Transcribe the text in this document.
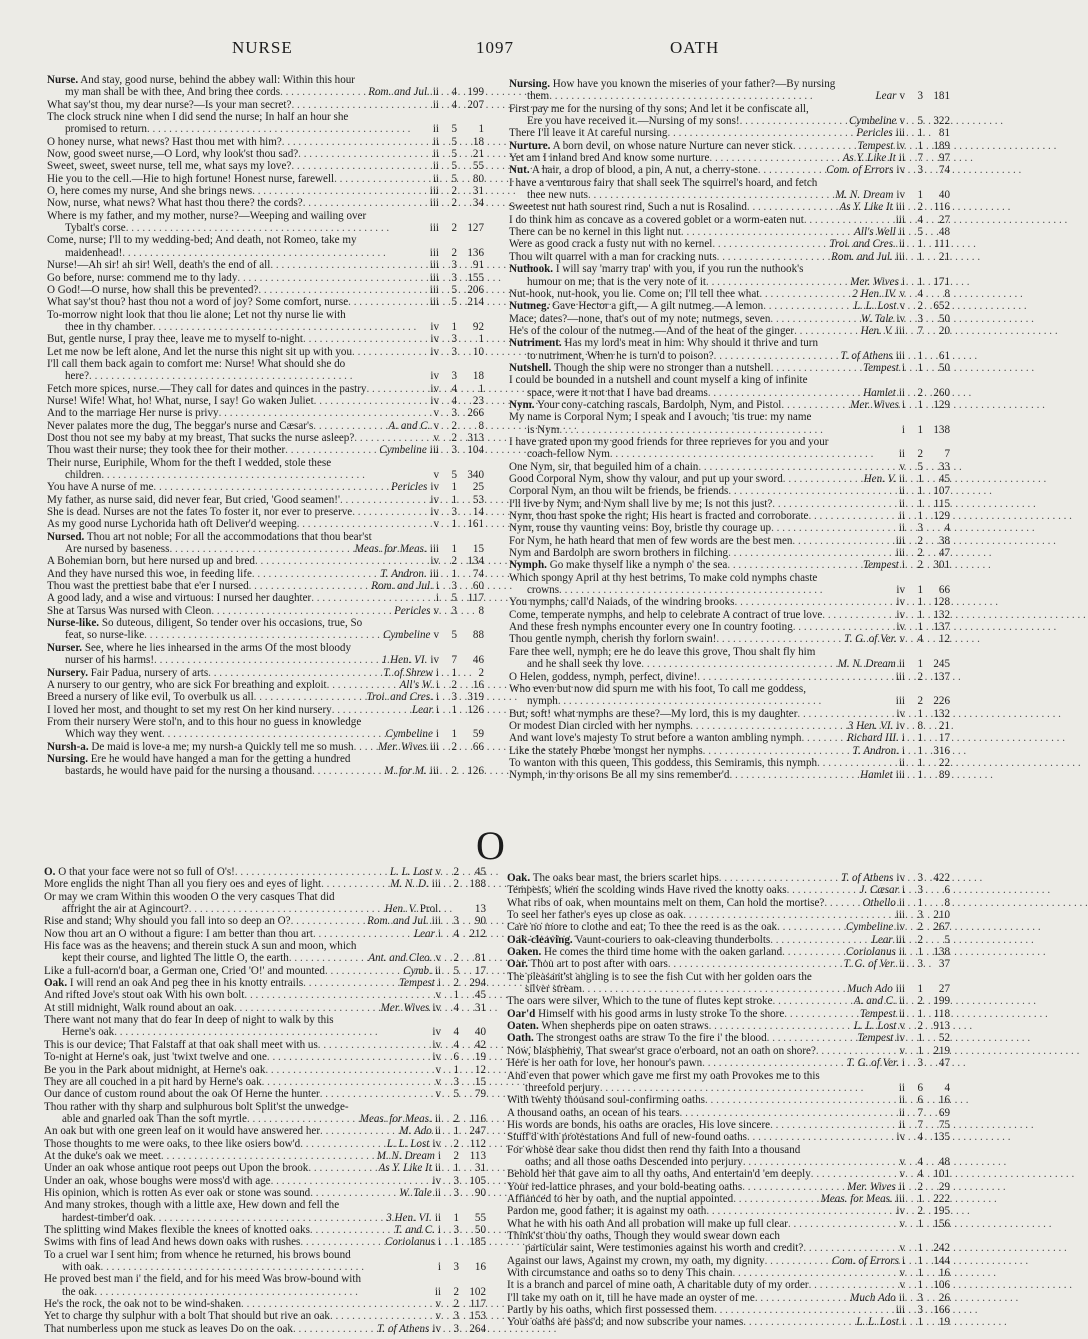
NURSE	1097	OATH
Nurse. And stay, good nurse, behind the abbey wall: Within this hour
my man shall be with thee, And bring thee cords . .	Rom. and Jul. ii	4 199
What say'st thou, my dear nurse?—Is your man secret? . .	ii	4 207
The clock struck nine when I did send the nurse; In half an hour she
promised to return . .	ii	5	1
O honey nurse, what news? Hast thou met with him? . .	ii	5	18
Now, good sweet nurse,—O Lord, why look'st thou sad? . .	ii	5	21
Sweet, sweet, sweet nurse, tell me, what says my love? . .	ii	5	55
Hie you to the cell.—Hie to high fortune! Honest nurse, farewell . .	ii	5	80
O, here comes my nurse, And she brings news . .	iii	2	31
Now, nurse, what news? What hast thou there? the cords? . .	iii	2	34
Where is my father, and my mother, nurse?—Weeping and wailing over
Tybalt's corse . .	iii	2 127
Come, nurse; I'll to my wedding-bed; And death, not Romeo, take my
maidenhead! . .	iii	2 136
Nurse!—Ah sir! ah sir! Well, death's the end of all . .	iii	3	91
Go before, nurse: commend me to thy lady . .	iii	3 155
O God!—O nurse, how shall this be prevented? . .	iii	5 206
What say'st thou? hast thou not a word of joy? Some comfort, nurse . .	iii	5 214
To-morrow night look that thou lie alone; Let not thy nurse lie with
thee in thy chamber . .	iv	1	92
But, gentle nurse, I pray thee, leave me to myself to-night . .	iv	3	1
Let me now be left alone, And let the nurse this night sit up with you . .	iv	3	10
I'll call them back again to comfort me: Nurse! What should she do
here? . .	iv	3	18
Fetch more spices, nurse.—They call for dates and quinces in the pastry . .	iv	4	1
Nurse! Wife! What, ho! What, nurse, I say! Go waken Juliet . .	iv	4	23
And to the marriage Her nurse is privy . .	v	3 266
Never palates more the dug, The beggar's nurse and Cæsar's . .	A. and C. v	2	8
Dost thou not see my baby at my breast, That sucks the nurse asleep? . .	v	2 313
Thou wast their nurse; they took thee for their mother . .	Cymbeline iii	3 104
Their nurse, Euriphile, Whom for the theft I wedded, stole these
children . .	v	5 340
You have A nurse of me . .	Pericles iv	1	25
My father, as nurse said, did never fear, But cried, 'Good seamen!' . .	iv	1	53
She is dead. Nurses are not the fates To foster it, nor ever to preserve . .	iv	3	14
As my good nurse Lychorida hath oft Deliver'd weeping . .	v	1 161
Nursed. Thou art not noble; For all the accommodations that thou bear'st
Are nursed by baseness . .	Meas. for Meas. iii	1	15
A Bohemian born, but here nursed up and bred . .	iv	2 134
And they have nursed this woe, in feeding life . .	T. Andron. iii	1	74
Thou wast the prettiest babe that e'er I nursed . .	Rom. and Jul. i	3	60
A good lady, and a wise and virtuous: I nursed her daughter . .	i	5 117
She at Tarsus Was nursed with Cleon . .	Pericles v	3	8
Nurse-like. So duteous, diligent, So tender over his occasions, true, So
feat, so nurse-like . .	Cymbeline v	5	88
Nurser. See, where he lies inhearsed in the arms Of the most bloody
nurser of his harms! . .	1 Hen. VI. iv	7	46
Nursery. Fair Padua, nursery of arts . .	T. of Shrew i	1	2
A nursery to our gentry, who are sick For breathing and exploit . .	All's W. i	2	16
Breed a nursery of like evil, To overbulk us all . .	Troi. and Cres. i	3 319
I loved her most, and thought to set my rest On her kind nursery . .	Lear i	1 126
From their nursery Were stol'n, and to this hour no guess in knowledge
Which way they went . .	Cymbeline i	1	59
Nursh-a. De maid is love-a me; my nursh-a Quickly tell me so mush . . Mer. Wives iii	2	66
Nursing. Ere he would have hanged a man for the getting a hundred
bastards, he would have paid for the nursing a thousand . .	M. for M. iii	2 126
Nursing. How have you known the miseries of your father?—By nursing
them . .	Lear v	3 181
First pay me for the nursing of thy sons; And let it be confiscate all,
Ere you have received it.—Nursing of my sons! . .	Cymbeline v	5 322
There I'll leave it At careful nursing . .	Pericles iii	1	81
Nurture. A born devil, on whose nature Nurture can never stick . .	Tempest iv	1 189
Yet am I inland bred And know some nurture . .	As Y. Like It ii	7	97
Nut. A hair, a drop of blood, a pin, A nut, a cherry-stone . .	Com. of Errors iv	3	74
I have a venturous fairy that shall seek The squirrel's hoard, and fetch
thee new nuts . .	M. N. Dream iv	1	40
Sweetest nut hath sourest rind, Such a nut is Rosalind . .	As Y. Like It iii	2 116
I do think him as concave as a covered goblet or a worm-eaten nut . .	iii	4	27
There can be no kernel in this light nut . .	All's Well ii	5	48
Were as good crack a fusty nut with no kernel . .	Troi. and Cres. ii	1	111
Thou wilt quarrel with a man for cracking nuts . .	Rom. and Jul. iii	1	21
Nuthook. I will say 'marry trap' with you, if you run the nuthook's
humour on me; that is the very note of it . .	Mer. Wives i	1 171
Nut-hook, nut-hook, you lie. Come on; I'll tell thee what . .	2 Hen. IV. v	4	8
Nutmeg. Gave Hector a gift,— A gilt nutmeg.—A lemon . .	L. L. Lost v	2 652
Mace; dates?—none, that's out of my note; nutmegs, seven . .	W. Tale iv	3	50
He's of the colour of the nutmeg.—And of the heat of the ginger . .	Hen. V. iii	7	20
Nutriment. Has my lord's meat in him: Why should it thrive and turn
to nutriment, When he is turn'd to poison? . .	T. of Athens iii	1	61
Nutshell. Though the ship were no stronger than a nutshell . .	Tempest i	1	50
I could be bounded in a nutshell and count myself a king of infinite
space, were it not that I have bad dreams . .	Hamlet ii	2 260
Nym. Your cony-catching rascals, Bardolph, Nym, and Pistol . .	Mer. Wives i	1 129
My name is Corporal Nym; I speak and I avouch; 'tis true: my name
is Nym . .	i	1 138
I have grated upon my good friends for three reprieves for you and your
coach-fellow Nym . .	ii	2	7
One Nym, sir, that beguiled him of a chain . .	v	5	33
Good Corporal Nym, show thy valour, and put up your sword . .	Hen. V. ii	1	45
Corporal Nym, an thou wilt be friends, be friends . .	ii	1 107
I'll live by Nym, and Nym shall live by me; Is not this just? . .	ii	1 115
Nym, thou hast spoke the right; His heart is fracted and corroborate . .	ii	1 129
Nym, rouse thy vaunting veins: Boy, bristle thy courage up . .	ii	3	4
For Nym, he hath heard that men of few words are the best men . .	iii	2	38
Nym and Bardolph are sworn brothers in filching . .	iii	2	47
Nymph. Go make thyself like a nymph o' the sea . .	Tempest i	2 301
Which spongy April at thy hest betrims, To make cold nymphs chaste
crowns . .	iv	1	66
You nymphs, call'd Naiads, of the windring brooks . .	iv	1 128
Come, temperate nymphs, and help to celebrate A contract of true love . .	iv	1 132
And these fresh nymphs encounter every one In country footing . .	iv	1 137
Thou gentle nymph, cherish thy forlorn swain! . .	T. G. of Ver. v	4	12
Fare thee well, nymph; ere he do leave this grove, Thou shalt fly him
and he shall seek thy love . .	M. N. Dream ii	1 245
O Helen, goddess, nymph, perfect, divine! . .	iii	2 137
Who even but now did spurn me with his foot, To call me goddess,
nymph . .	iii	2 226
But, soft! what nymphs are these?—My lord, this is my daughter . .	iv	1 132
Or modest Dian circled with her nymphs . .	3 Hen. VI. iv	8	21
And want love's majesty To strut before a wanton ambling nymph . .	Richard III. i	1	17
Like the stately Phœbe 'mongst her nymphs . .	T. Andron. i	1 316
To wanton with this queen, This goddess, this Semiramis, this nymph . .	ii	1	22
Nymph, in thy orisons Be all my sins remember'd . .	Hamlet iii	1	89
O
O. O that your face were not so full of O's! . .	L. L. Lost v	2	45
More englids the night Than all you fiery oes and eyes of light . .	M. N. D. iii	2 188
Or may we cram Within this wooden O the very casques That did
affright the air at Agincourt? . .	Hen. V. Prol.	13
Rise and stand; Why should you fall into so deep an O? . .	Rom. and Jul. iii	3	90
Now thou art an O without a figure: I am better than thou art . .	Lear i	4 212
His face was as the heavens; and therein stuck A sun and moon, which
kept their course, and lighted The little O, the earth . .	Ant. and Cleo. v	2	81
Like a full-acorn'd boar, a German one, Cried 'O!' and mounted . .	Cymb. ii	5	17
Oak. I will rend an oak And peg thee in his knotty entrails . .	Tempest i	2 294
And rifted Jove's stout oak With his own bolt . .	v	1	45
At still midnight, Walk round about an oak . .	Mer. Wives iv	4	31
There want not many that do fear In deep of night to walk by this
Herne's oak . .	iv	4	40
This is our device; That Falstaff at that oak shall meet with us . .	iv	4	42
To-night at Herne's oak, just 'twixt twelve and one . .	iv	6	19
Be you in the Park about midnight, at Herne's oak . .	v	1	12
They are all couched in a pit hard by Herne's oak . .	v	3	15
Our dance of custom round about the oak Of Herne the hunter . .	v	5	79
Thou rather with thy sharp and sulphurous bolt Split'st the unwedge-
able and gnarled oak Than the soft myrtle . .	Meas. for Meas. ii	2 116
An oak but with one green leaf on it would have answered her . .	M. Ado ii	1 247
Those thoughts to me were oaks, to thee like osiers bow'd . .	L. L. Lost iv	2 112
At the duke's oak we meet . .	M. N. Dream i	2 113
Under an oak whose antique root peeps out Upon the brook . .	As Y. Like It ii	1	31
Under an oak, whose boughs were moss'd with age . .	iv	3 105
His opinion, which is rotten As ever oak or stone was sound . .	W. Tale ii	3	90
And many strokes, though with a little axe, Hew down and fell the
hardest-timber'd oak . .	3 Hen. VI. ii	1	55
The splitting wind Makes flexible the knees of knotted oaks . .	T. and C. i	3	50
Swims with fins of lead And hews down oaks with rushes . .	Coriolanus i	1 185
To a cruel war I sent him; from whence he returned, his brows bound
with oak . .	i	3	16
He proved best man i' the field, and for his meed Was brow-bound with
the oak . .	ii	2 102
He's the rock, the oak not to be wind-shaken . .	v	2 117
Yet to charge thy sulphur with a bolt That should but rive an oak . .	v	3 153
That numberless upon me stuck as leaves Do on the oak . .	T. of Athens iv	3 264
Oak. The oaks bear mast, the briers scarlet hips . .	T. of Athens iv	3 422
Tempests, when the scolding winds Have rived the knotty oaks . .	J. Cæsar i	3	6
What ribs of oak, when mountains melt on them, Can hold the mortise? . .	Othello ii	1	8
To seel her father's eyes up close as oak . .	iii	3 210
Care no more to clothe and eat; To thee the reed is as the oak . .	Cymbeline iv	2 267
Oak-cleaving. Vaunt-couriers to oak-cleaving thunderbolts . .	Lear iii	2	5
Oaken. He comes the third time home with the oaken garland . .	Coriolanus ii	1 138
Oar. Thou art to post after with oars . .	T. G. of Ver. ii	3	37
The pleasant'st angling is to see the fish Cut with her golden oars the
silver stream . .	Much Ado iii	1	27
The oars were silver, Which to the tune of flutes kept stroke . .	A. and C. ii	2 199
Oar'd Himself with his good arms in lusty stroke To the shore . .	Tempest ii	1 118
Oaten. When shepherds pipe on oaten straws . .	L. L. Lost v	2 913
Oath. The strongest oaths are straw To the fire i' the blood . .	Tempest iv	1	52
Now, blasphemy, That swear'st grace o'erboard, not an oath on shore? . .	v	1 219
Here is her oath for love, her honour's pawn . .	T. G. of Ver. i	3	47
And even that power which gave me first my oath Provokes me to this
threefold perjury . .	ii	6	4
With twenty thousand soul-confirming oaths . .	ii	6	16
A thousand oaths, an ocean of his tears . .	ii	7	69
His words are bonds, his oaths are oracles, His love sincere . .	ii	7	75
Stuff'd with protestations And full of new-found oaths . .	iv	4 135
For whose dear sake thou didst then rend thy faith Into a thousand
oaths; and all those oaths Descended into perjury . .	v	4	48
Behold her that gave aim to all thy oaths, And entertain'd 'em deeply . .	v	4 101
Your red-lattice phrases, and your bold-beating oaths . .	Mer. Wives ii	2	29
Affianced to her by oath, and the nuptial appointed . .	Meas. for Meas. iii	1 222
Pardon me, good father; it is against my oath . .	iv	2 195
What he with his oath And all probation will make up full clear . .	v	1 156
Think'st thou thy oaths, Though they would swear down each
particular saint, Were testimonies against his worth and credit? . .	v	1 242
Against our laws, Against my crown, my oath, my dignity . .	Com. of Errors i	1 144
With circumstance and oaths so to deny This chain . .	v	1	16
It is a branch and parcel of mine oath, A charitable duty of my order . .	v	1 106
I'll take my oath on it, till he have made an oyster of me . .	Much Ado ii	3	26
Partly by his oaths, which first possessed them . .	iii	3 166
Your oaths are pass'd; and now subscribe your names . .	L. L. Lost i	1	19
